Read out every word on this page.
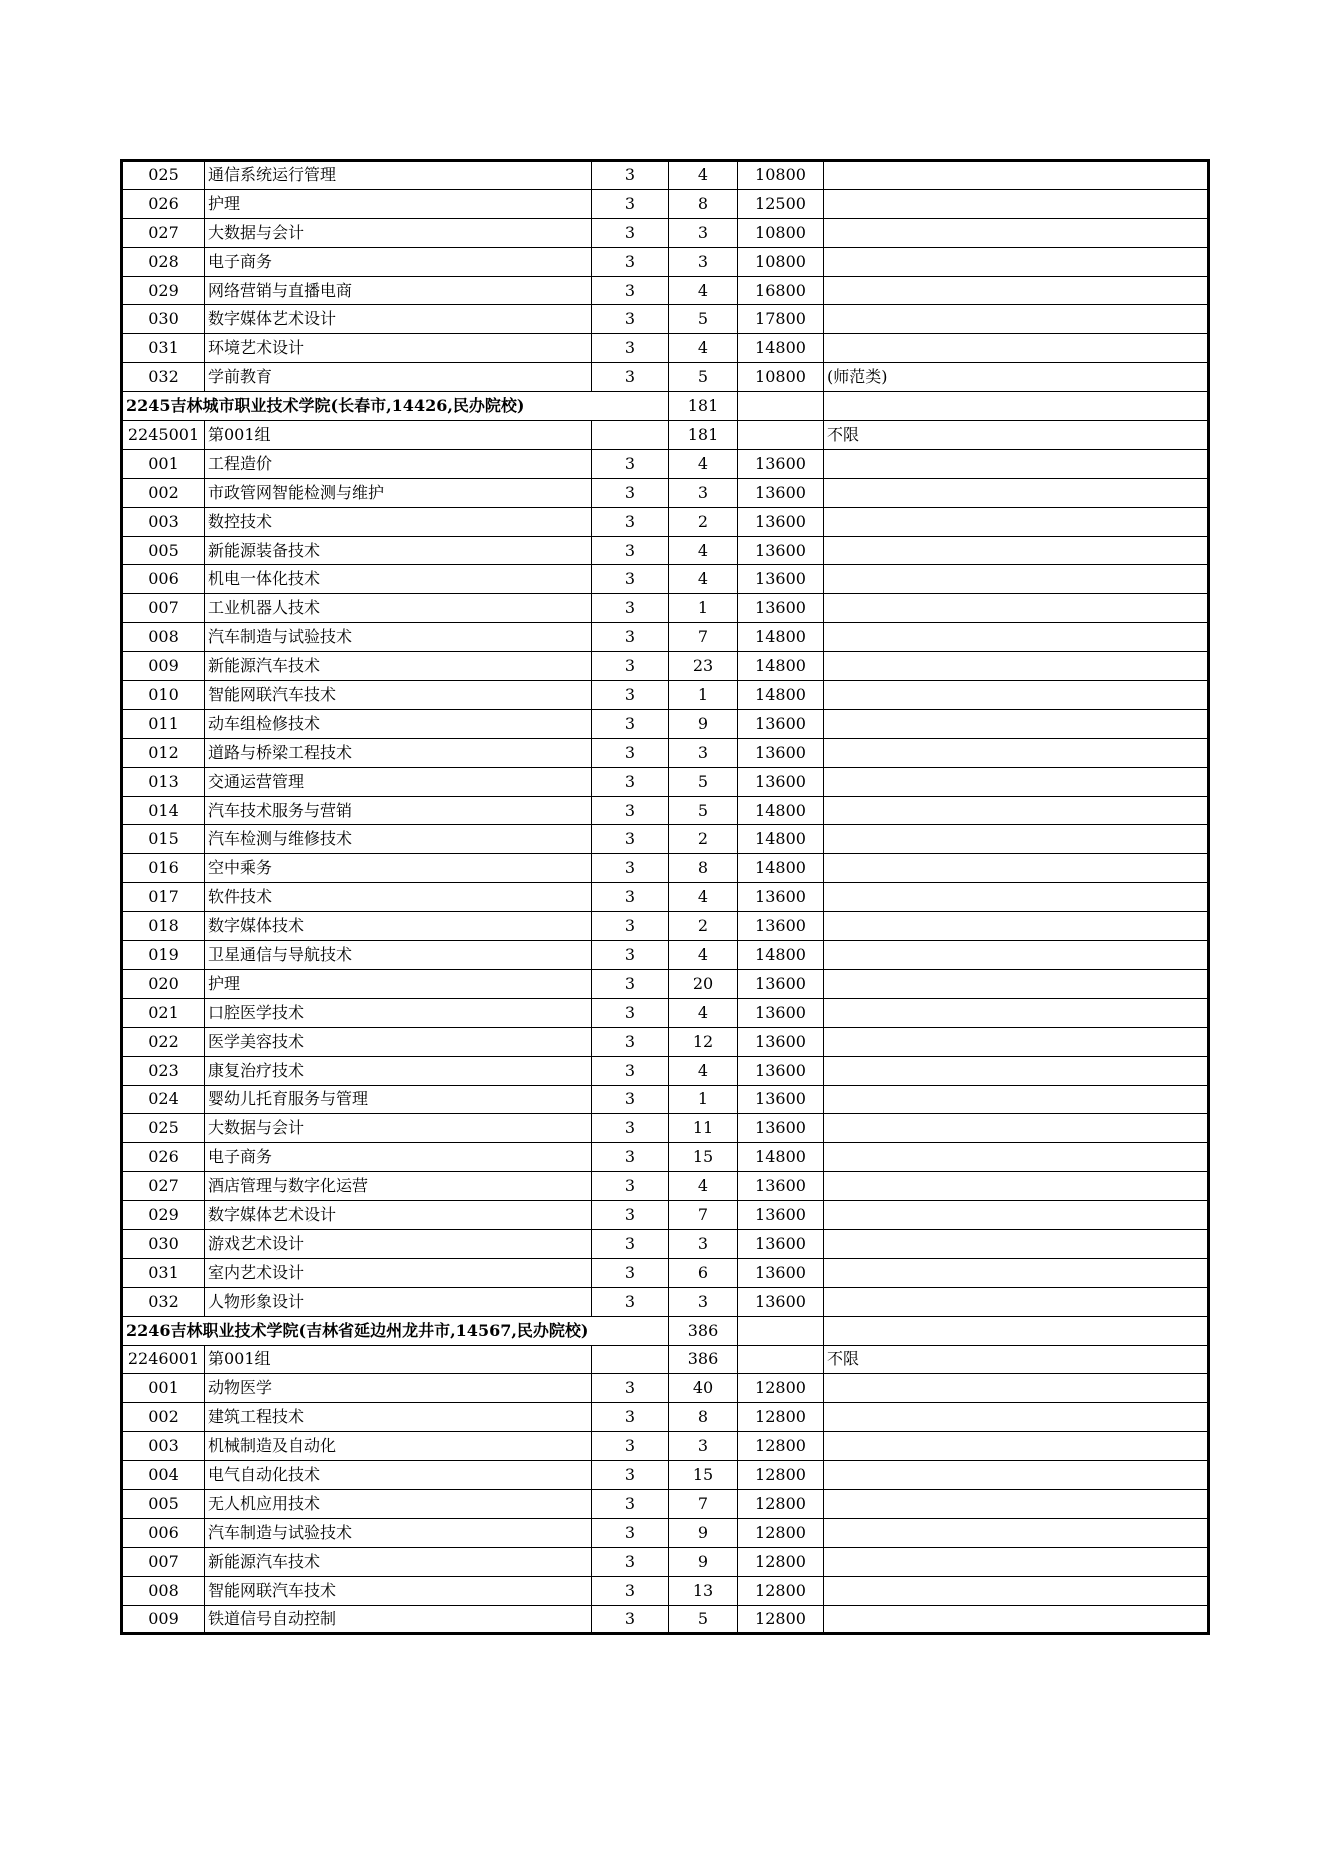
025	通信系统运行管理	3	4	10800	
026	护理	3	8	12500	
027	大数据与会计	3	3	10800	
028	电子商务	3	3	10800	
029	网络营销与直播电商	3	4	16800	
030	数字媒体艺术设计	3	5	17800	
031	环境艺术设计	3	4	14800	
032	学前教育	3	5	10800	(师范类)
2245吉林城市职业技术学院(长春市,14426,民办院校)			181		
2245001	第001组		181		不限
001	工程造价	3	4	13600	
002	市政管网智能检测与维护	3	3	13600	
003	数控技术	3	2	13600	
005	新能源装备技术	3	4	13600	
006	机电一体化技术	3	4	13600	
007	工业机器人技术	3	1	13600	
008	汽车制造与试验技术	3	7	14800	
009	新能源汽车技术	3	23	14800	
010	智能网联汽车技术	3	1	14800	
011	动车组检修技术	3	9	13600	
012	道路与桥梁工程技术	3	3	13600	
013	交通运营管理	3	5	13600	
014	汽车技术服务与营销	3	5	14800	
015	汽车检测与维修技术	3	2	14800	
016	空中乘务	3	8	14800	
017	软件技术	3	4	13600	
018	数字媒体技术	3	2	13600	
019	卫星通信与导航技术	3	4	14800	
020	护理	3	20	13600	
021	口腔医学技术	3	4	13600	
022	医学美容技术	3	12	13600	
023	康复治疗技术	3	4	13600	
024	婴幼儿托育服务与管理	3	1	13600	
025	大数据与会计	3	11	13600	
026	电子商务	3	15	14800	
027	酒店管理与数字化运营	3	4	13600	
029	数字媒体艺术设计	3	7	13600	
030	游戏艺术设计	3	3	13600	
031	室内艺术设计	3	6	13600	
032	人物形象设计	3	3	13600	
2246吉林职业技术学院(吉林省延边州龙井市,14567,民办院校)			386		
2246001	第001组		386		不限
001	动物医学	3	40	12800	
002	建筑工程技术	3	8	12800	
003	机械制造及自动化	3	3	12800	
004	电气自动化技术	3	15	12800	
005	无人机应用技术	3	7	12800	
006	汽车制造与试验技术	3	9	12800	
007	新能源汽车技术	3	9	12800	
008	智能网联汽车技术	3	13	12800	
009	铁道信号自动控制	3	5	12800	
